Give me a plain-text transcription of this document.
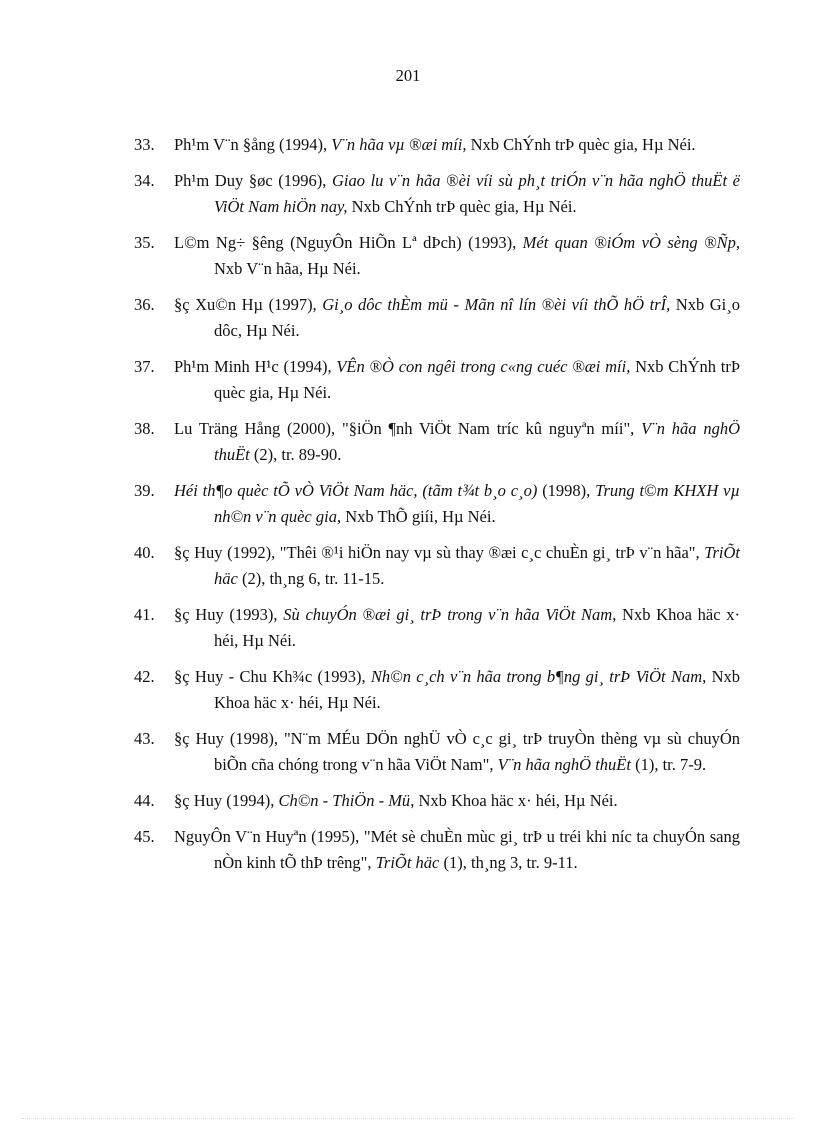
201
33.	Ph¹m V¨n §ång (1994), V¨n hãa vµ ®æi míi, Nxb ChÝnh trÞ quèc gia, Hµ Néi.
34.	Ph¹m Duy §øc (1996), Giao lu v¨n hãa ®èi víi sù ph¸t triÓn v¨n hãa nghÖ thuËt ë ViÖt Nam hiÖn nay, Nxb ChÝnh trÞ quèc gia, Hµ Néi.
35.	L©m Ng÷ §êng (NguyÔn HiÕn Lª dÞch) (1993), Mét quan ®iÓm vÒ sèng ®Ñp, Nxb V¨n hãa, Hµ Néi.
36.	§ç Xu©n Hµ (1997), Gi¸o dôc thÈm mü - Mãn nî lín ®èi víi thÕ hÖ trÎ, Nxb Gi¸o dôc, Hµ Néi.
37.	Ph¹m Minh H¹c (1994), VÊn ®Ò con ngêi trong c«ng cuéc ®æi míi, Nxb ChÝnh trÞ quèc gia, Hµ Néi.
38.	Lu Träng Hång (2000), "§iÖn ¶nh ViÖt Nam tríc kû nguyªn míi", V¨n hãa nghÖ thuËt (2), tr. 89-90.
39.	Héi th¶o quèc tÕ vÒ ViÖt Nam häc, (tãm t¾t b¸o c¸o) (1998), Trung t©m KHXH vµ nh©n v¨n quèc gia, Nxb ThÕ giíi, Hµ Néi.
40.	§ç Huy (1992), "Thêi ®¹i hiÖn nay vµ sù thay ®æi c¸c chuÈn gi¸ trÞ v¨n hãa", TriÕt häc (2), th¸ng 6, tr. 11-15.
41.	§ç Huy (1993), Sù chuyÓn ®æi gi¸ trÞ trong v¨n hãa ViÖt Nam, Nxb Khoa häc x· héi, Hµ Néi.
42.	§ç Huy - Chu Kh¾c (1993), Nh©n c¸ch v¨n hãa trong b¶ng gi¸ trÞ ViÖt Nam, Nxb Khoa häc x· héi, Hµ Néi.
43.	§ç Huy (1998), "N¨m MÉu DÖn nghÜ vÒ c¸c gi¸ trÞ truyÒn thèng vµ sù chuyÓn biÕn cña chóng trong v¨n hãa ViÖt Nam", V¨n hãa nghÖ thuËt (1), tr. 7-9.
44.	§ç Huy (1994), Ch©n - ThiÖn - Mü, Nxb Khoa häc x· héi, Hµ Néi.
45.	NguyÔn V¨n Huyªn (1995), "Mét sè chuÈn mùc gi¸ trÞ u tréi khi níc ta chuyÓn sang nÒn kinh tÕ thÞ trêng", TriÕt häc (1), th¸ng 3, tr. 9-11.
